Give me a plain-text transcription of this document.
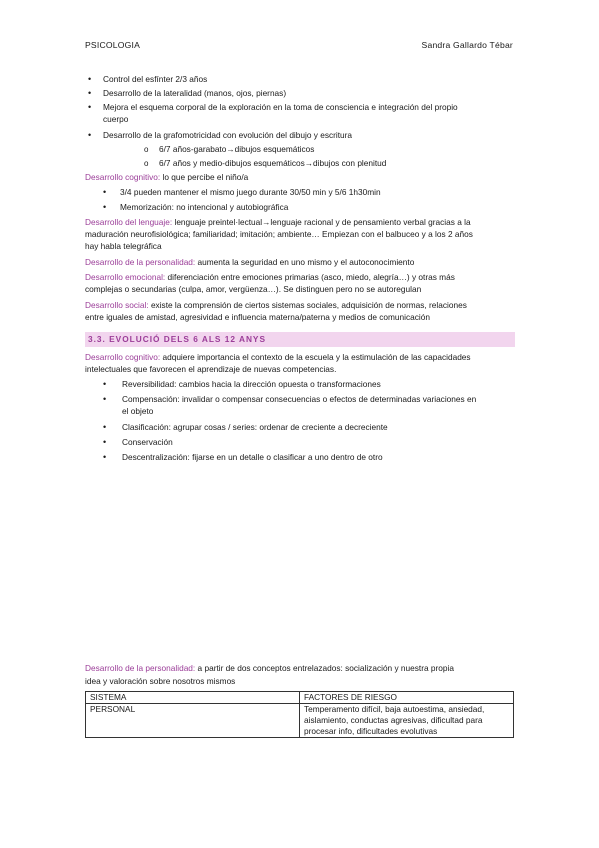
PSICOLOGIA	Sandra Gallardo Tébar
• Control del esfínter 2/3 años
• Desarrollo de la lateralidad (manos, ojos, piernas)
• Mejora el esquema corporal de la exploración en la toma de consciencia e integración del propio
cuerpo
• Desarrollo de la grafomotricidad con evolución del dibujo y escritura
o 6/7 años-garabato→dibujos esquemáticos
o 6/7 años y medio-dibujos esquemáticos→dibujos con plenitud
Desarrollo cognitivo: lo que percibe el niño/a
• 3/4 pueden mantener el mismo juego durante 30/50 min y 5/6 1h30min
• Memorización: no intencional y autobiográfica
Desarrollo del lenguaje: lenguaje preintel·lectual→lenguaje racional y de pensamiento verbal gracias a la
maduración neurofisiológica; familiaridad; imitación; ambiente… Empiezan con el balbuceo y a los 2 años
hay habla telegráfica
Desarrollo de la personalidad: aumenta la seguridad en uno mismo y el autoconocimiento
Desarrollo emocional: diferenciación entre emociones primarias (asco, miedo, alegría…) y otras más
complejas o secundarias (culpa, amor, vergüenza…). Se distinguen pero no se autoregulan
Desarrollo social: existe la comprensión de ciertos sistemas sociales, adquisición de normas, relaciones
entre iguales de amistad, agresividad e influencia materna/paterna y medios de comunicación
3.3. EVOLUCIÓ DELS 6 ALS 12 ANYS
Desarrollo cognitivo: adquiere importancia el contexto de la escuela y la estimulación de las capacidades
intelectuales que favorecen el aprendizaje de nuevas competencias.
• Reversibilidad: cambios hacia la dirección opuesta o transformaciones
• Compensación: invalidar o compensar consecuencias o efectos de determinadas variaciones en
el objeto
• Clasificación: agrupar cosas / series: ordenar de creciente a decreciente
• Conservación
• Descentralización: fijarse en un detalle o clasificar a uno dentro de otro
Desarrollo de la personalidad: a partir de dos conceptos entrelazados: socialización y nuestra propia
idea y valoración sobre nosotros mismos
SISTEMA	FACTORES DE RIESGO
PERSONAL	Temperamento difícil, baja autoestima, ansiedad, aislamiento, conductas agresivas, dificultad para procesar info, dificultades evolutivas
